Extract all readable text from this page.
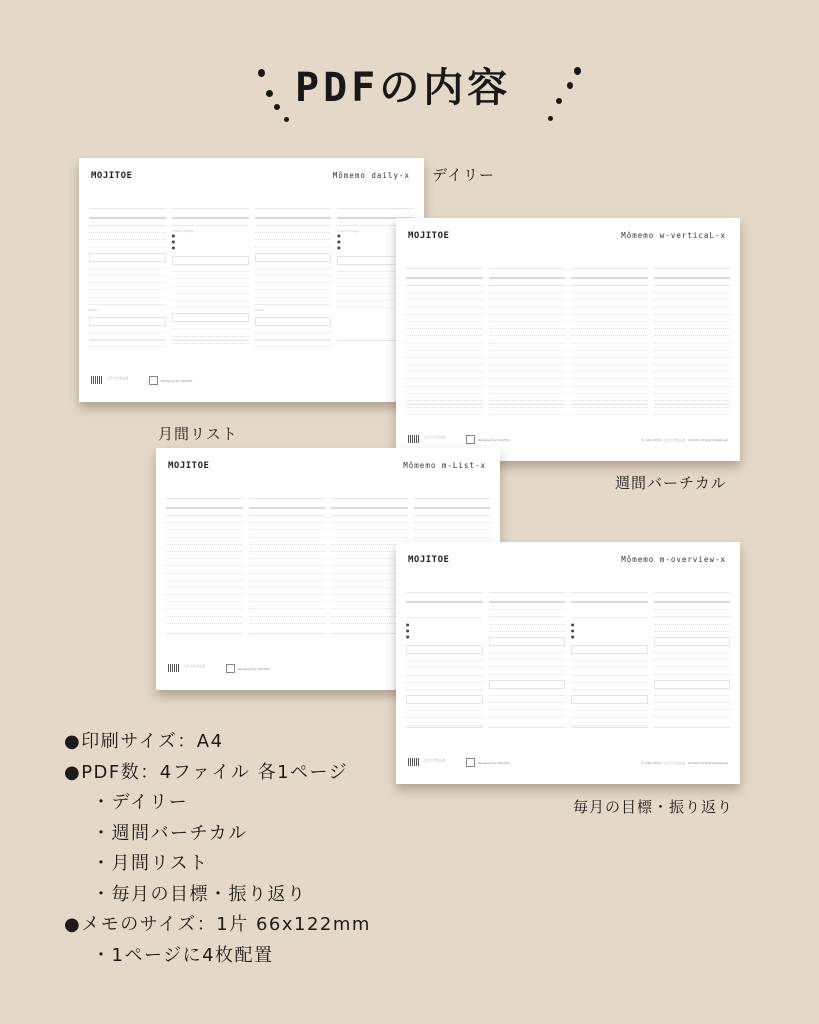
PDFの内容
MOJITOE	Mômemo daily-x
Notes
3 Good Things
●
●
●
Notes
3 Good Things
●
●
●
ひとりたさんぽ
Designed by OGOHO
デイリー
月間リスト
MOJITOE	Mômemo w-verticaL-x
ひとりたさんぽ
Designed by OGOHO	© A4(A POD) / ひとりたさんぽ · OGOHO All Right Reserved
週間バーチカル
MOJITOE	Mômemo m-List-x
ひとりたさんぽ
Designed by OGOHO
MOJITOE	Mômemo m-overview-x
●
●
●
●
●
●
ひとりたさんぽ
Designed by OGOHO	© A4(A POD) / ひとりたさんぽ · OGOHO All Right Reserved
毎月の目標・振り返り
●印刷サイズ：A4
●PDF数：4ファイル 各1ページ
・デイリー
・週間バーチカル
・月間リスト
・毎月の目標・振り返り
●メモのサイズ：1片 66x122mm
・1ページに4枚配置
